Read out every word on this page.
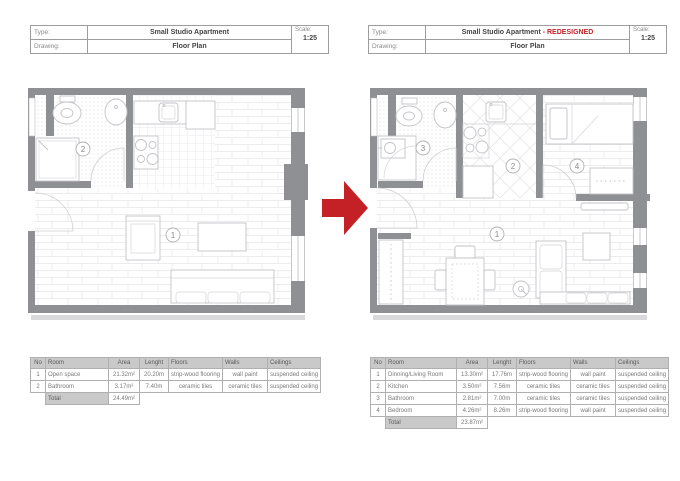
Type:	Small Studio Apartment	Scale:
1:25

Drawing:	Floor Plan	
Type:	Small Studio Apartment - REDESIGNED	Scale:
1:25

Drawing:	Floor Plan	
1
2
1
2
3
4
No	Room	Area	Lenght	Floors	Walls	Ceilings
1	Open space	21.32m²	20.20m	strip-wood flooring	wall paint	suspended ceiling
2	Bathroom	3.17m²	7.40m	ceramic tiles	ceramic tiles	suspended ceiling
	Total	24.49m²				
No	Room	Area	Lenght	Floors	Walls	Ceilings
1	Dinning/Living Room	13.30m²	17.76m	strip-wood flooring	wall paint	suspended ceiling
2	Kitchen	3.50m²	7.56m	ceramic tiles	ceramic tiles	suspended ceiling
3	Bathroom	2.81m²	7.00m	ceramic tiles	ceramic tiles	suspended ceiling
4	Bedroom	4.26m²	8.26m	strip-wood flooring	wall paint	suspended ceiling
	Total	23.87m²				
